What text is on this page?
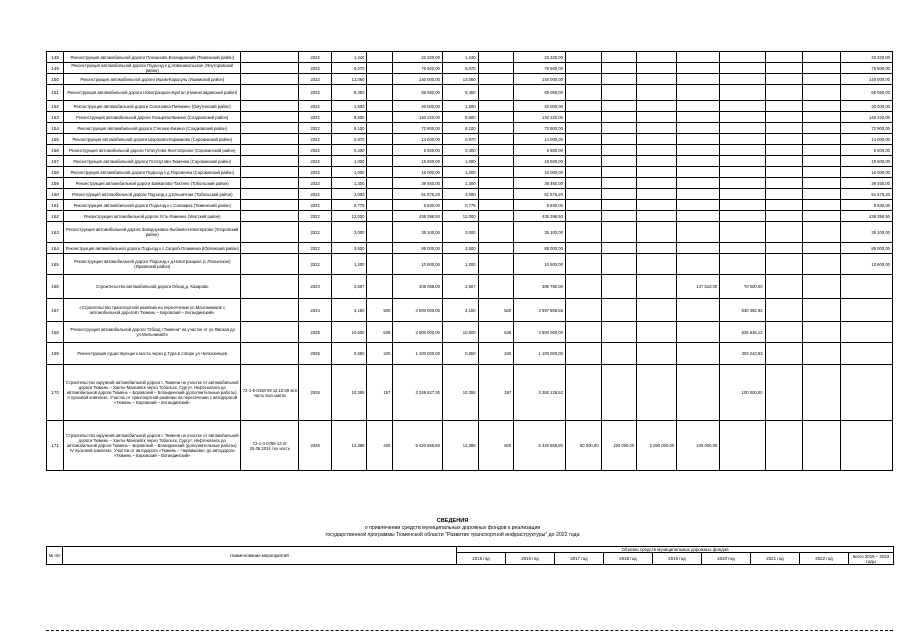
148	Реконструкция автомобильной дороги Плеханово-Богандинский (Тюменский район)		2022	1,240		22 320,00	1,240		22 320,00								22 320,00
149	Реконструкция автомобильной дороги Подъезд к д.Новоникольское (Ялуторовский район)		2022	5,070		76 500,00	5,070		76 500,00								76 500,00
150	Реконструкция автомобильной дороги Ишим-Карасуль (Ишимский район)		2022	13,060		140 000,00	13,060		140 000,00								140 000,00
151	Реконструкция автомобильной дороги Новотроицкое-Бухтал (Нижнетавдинский район)		2022	8,450		65 050,00	8,450		65 050,00								65 050,00
152	Реконструкция автомобильной дороги Солоновка-Пиявкино (Омутинский район)		2022	1,500		20 000,00	1,500		20 000,00								20 000,00
153	Реконструкция автомобильной дороги Лозырево-Бизино (Сладковский район)		2022	8,600		140 220,00	8,600		140 220,00								140 220,00
154	Реконструкция автомобильной дороги Степное-Бизино (Сладковский район)		2022	8,100		72 900,00	8,100		72 900,00								72 900,00
155	Реконструкция автомобильной дороги Шорохово-Коржиково (Сорокинский район)		2022	0,970		14 000,00	0,970		14 000,00								14 000,00
156	Реконструкция автомобильной дороги Готопутово-Желтоярское (Сорокинский район)		2022	0,400		5 600,00	0,400		5 600,00								5 600,00
157	Реконструкция автомобильной дороги Готопутово-Тюменка (Сорокинский район)		2022	1,000		15 500,00	1,000		15 500,00								15 500,00
158	Реконструкция автомобильной дороги Подъезд к д.Порсменка (Сорокинский район)		2022	1,000		16 000,00	1,000		16 000,00								16 000,00
159	Реконструкция автомобильной дороги Байкалово-Тахтино (Тобольский район)		2022	1,300		39 460,00	1,300		39 460,00								39 460,00
160	Реконструкция автомобильной дороги Подъезд к д.Ельничная (Тобольский район)		2022	3,000		51 675,20	3,000		51 675,20								51 675,20
161	Реконструкция автомобильной дороги Подъезд к с.Салаирка (Тюменский район)		2022	0,775		6 830,00	0,775		6 830,00								6 830,00
162	Реконструкция автомобильной дороги Усть-Ламенка (Уватский район)		2022	12,000		436 396,50	12,000		436 396,50								436 396,50
163	Реконструкция автомобильной дороги Заводоуковск-Лыбаево-Новотерхово (Упоровский район)		2022	3,000		35 100,00	3,000		35 100,00								35 100,00
164	Реконструкция автомобильной дороги Подъезд к с.Скороб-Пламенка (Юргинский район)		2022	3,500		85 000,00	3,500		85 000,00								85 000,00
165	Реконструкция автомобильной дороги Подъезд к д.Новотроицкое (с.Полынское) (Ярковский район)		2022	1,200		10 600,00	1,200		10 600,00								10 600,00
166	Строительство автомобильной дороги Обход д. Казарово		2023	2,567		408 058,00	2,567		386 780,00				147 510,00	70 000,00			
167	«Строительство транспортной развязки на пересечении ул.Монтажников с автомобильной дорогой г.Тюмень – Боровский – Богандинский»		2024	4,150	500	4 000 000,00	4,150	500	3 997 865,55					630 482,92			
168	"Реконструкция автомобильной дороги "Обход г.Тюмени" на участке от ул.Ямская до ул.Мельникайте		2025	10,600	638	3 500 000,00	10,600	638	3 500 000,00					625 636,12			
169	Реконструкция существующего моста через р.Тура в створе ул.Челюскинцев		2025	0,650	340	1 100 000,00	0,650	340	1 100 000,00					303 243,93			
170	Строительство окружной автомобильной дороги г. Тюмени на участке от автомобильной дороги Тюмень – Ханты-Мансийск через Тобольск, Сургут, Нефтеюганск до автомобильной дороги Тюмень – Боровский – Богандинский (дополнительные работы). II пусковой комплекс. Участок от транспортной развязки на пересечении с автодорогой «Тюмень – Боровский – Богандинский»	72-1-5-0436-09 12.10.09 вся часть вып.сметы	2026	10,355	197	3 349 627,30	10,355	197	3 282 128,52					100 000,00			
171	Строительство окружной автомобильной дороги г. Тюмени на участке от автомобильной дороги Тюмень – Ханты-Мансийск через Тобольск, Сургут, Нефтеюганск до автомобильной дороги Тюмень – Боровский – Богандинский (дополнительные работы). IV пусковой комплекс. Участок от автодороги «Тюмень – Червишево» до автодороги «Тюмень – Боровский – Богандинский»	72-1-4-0766-13 от 25.06.2014 тех.часть	2026	12,388	430	5 420 566,80	12,388	600	5 420 566,80	50 000,00	150 000,00	2 060 000,00	100 000,00				
СВЕДЕНИЯ
о привлечении средств муниципальных дорожных фондов к реализации
государственной программы Тюменской области "Развитие транспортной инфраструктуры" до 2022 года
№ п/п	Наименование мероприятий	Объемы средств муниципальных дорожных фондов								
		2015 год	2016 год	2017 год	2018 год	2019 год	2020 год	2021 год	2022 год	всего 2015 – 2022 годы
